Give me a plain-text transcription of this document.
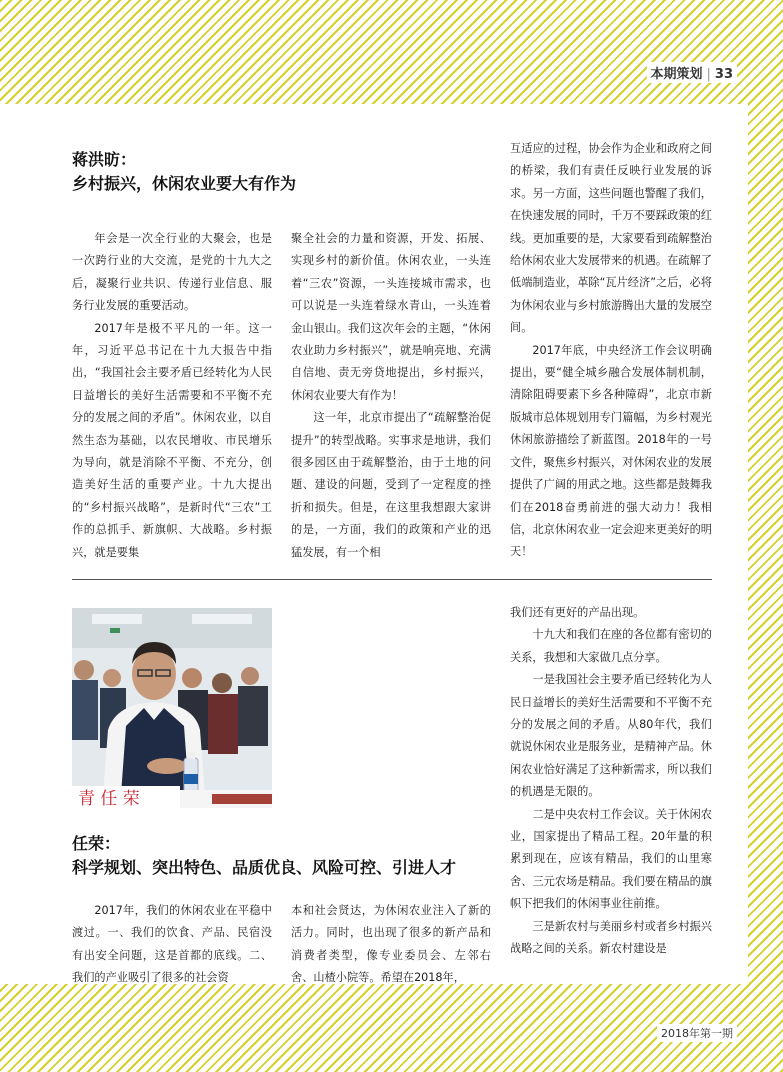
本期策划 | 33
蒋洪昉：
乡村振兴，休闲农业要大有作为

年会是一次全行业的大聚会，也是一次跨行业的大交流，是党的十九大之后，凝聚行业共识、传递行业信息、服务行业发展的重要活动。

2017年是极不平凡的一年。这一年，习近平总书记在十九大报告中指出，“我国社会主要矛盾已经转化为人民日益增长的美好生活需要和不平衡不充分的发展之间的矛盾”。休闲农业，以自然生态为基础，以农民增收、市民增乐为导向，就是消除不平衡、不充分，创造美好生活的重要产业。十九大提出的“乡村振兴战略”，是新时代“三农”工作的总抓手、新旗帜、大战略。乡村振兴，就是要集

聚全社会的力量和资源，开发、拓展、实现乡村的新价值。休闲农业，一头连着“三农”资源，一头连接城市需求，也可以说是一头连着绿水青山，一头连着金山银山。我们这次年会的主题，“休闲农业助力乡村振兴”，就是响亮地、充满自信地、责无旁贷地提出，乡村振兴，休闲农业要大有作为！

这一年，北京市提出了“疏解整治促提升”的转型战略。实事求是地讲，我们很多园区由于疏解整治，由于土地的问题、建设的问题，受到了一定程度的挫折和损失。但是，在这里我想跟大家讲的是，一方面，我们的政策和产业的迅猛发展，有一个相

互适应的过程，协会作为企业和政府之间的桥梁，我们有责任反映行业发展的诉求。另一方面，这些问题也警醒了我们，在快速发展的同时，千万不要踩政策的红线。更加重要的是，大家要看到疏解整治给休闲农业大发展带来的机遇。在疏解了低端制造业，革除“瓦片经济”之后，必将为休闲农业与乡村旅游腾出大量的发展空间。

2017年底，中央经济工作会议明确提出，要“健全城乡融合发展体制机制，清除阻碍要素下乡各种障碍”，北京市新版城市总体规划用专门篇幅，为乡村观光休闲旅游描绘了新蓝图。2018年的一号文件，聚焦乡村振兴，对休闲农业的发展提供了广阔的用武之地。这些都是鼓舞我们在2018奋勇前进的强大动力！我相信，北京休闲农业一定会迎来更美好的明天！

青 任 荣
任荣：
科学规划、突出特色、品质优良、风险可控、引进人才

2017年，我们的休闲农业在平稳中渡过。一、我们的饮食、产品、民宿没有出安全问题，这是首都的底线。二、我们的产业吸引了很多的社会资

本和社会贤达，为休闲农业注入了新的活力。同时，也出现了很多的新产品和消费者类型，像专业委员会、左邻右舍、山楂小院等。希望在2018年，

我们还有更好的产品出现。

十九大和我们在座的各位都有密切的关系，我想和大家做几点分享。

一是我国社会主要矛盾已经转化为人民日益增长的美好生活需要和不平衡不充分的发展之间的矛盾。从80年代，我们就说休闲农业是服务业，是精神产品。休闲农业恰好满足了这种新需求，所以我们的机遇是无限的。

二是中央农村工作会议。关于休闲农业，国家提出了精品工程。20年量的积累到现在，应该有精品，我们的山里寒舍、三元农场是精品。我们要在精品的旗帜下把我们的休闲事业往前推。

三是新农村与美丽乡村或者乡村振兴战略之间的关系。新农村建设是

2018年第一期
